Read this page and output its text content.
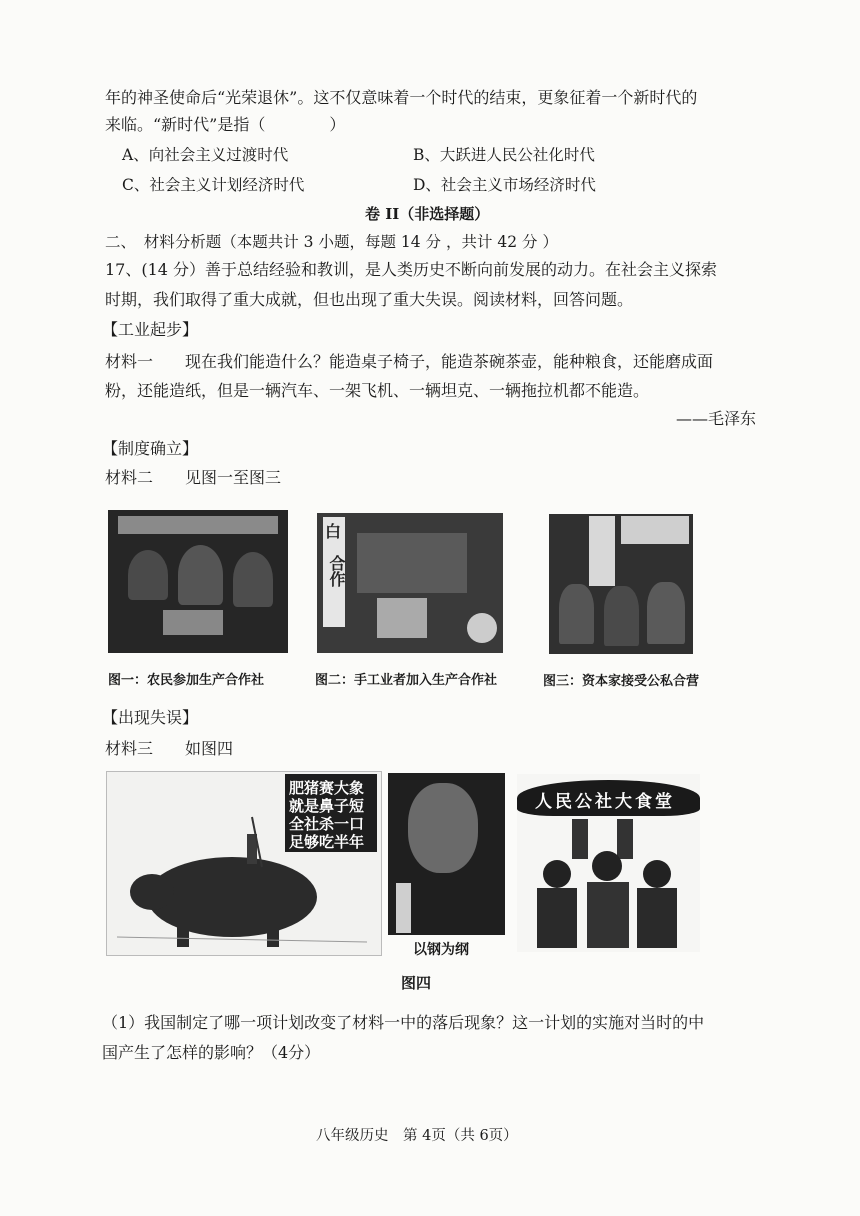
年的神圣使命后“光荣退休”。这不仅意味着一个时代的结束，更象征着一个新时代的
来临。“新时代”是指（　　　　）
A、向社会主义过渡时代	B、大跃进人民公社化时代
C、社会主义计划经济时代	D、社会主义市场经济时代
卷 II（非选择题）
二、　材料分析题（本题共计 3 小题，每题 14 分 ，共计 42 分 ）
17、(14 分）善于总结经验和教训，是人类历史不断向前发展的动力。在社会主义探索
时期，我们取得了重大成就，但也出现了重大失误。阅读材料，回答问题。
【工业起步】
材料一　　现在我们能造什么？能造桌子椅子，能造茶碗茶壶，能种粮食，还能磨成面
粉，还能造纸，但是一辆汽车、一架飞机、一辆坦克、一辆拖拉机都不能造。
——毛泽东
【制度确立】
材料二　　见图一至图三
白
合作
图一：农民参加生产合作社	图二：手工业者加入生产合作社	图三：资本家接受公私合营
【出现失误】
材料三　　如图四
肥猪赛大象
就是鼻子短
全社杀一口
足够吃半年
以钢为纲
人民公社大食堂
图四
（1）我国制定了哪一项计划改变了材料一中的落后现象？这一计划的实施对当时的中
国产生了怎样的影响？（4分）
八年级历史　第 4页（共 6页）
